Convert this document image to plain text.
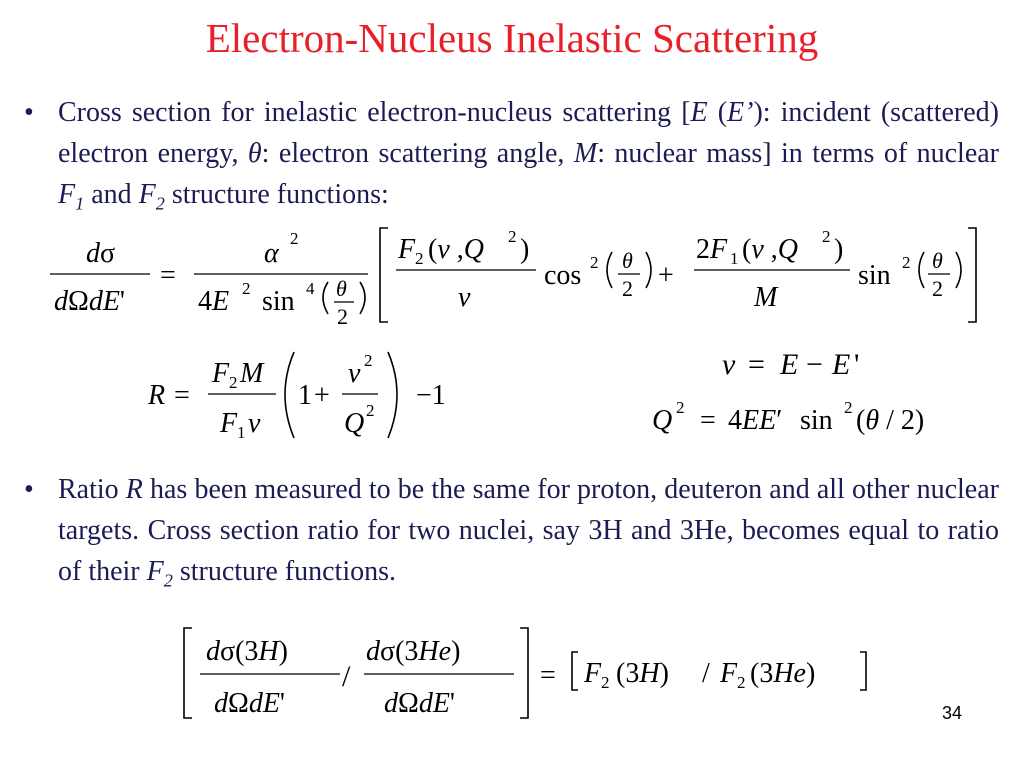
Electron-Nucleus Inelastic Scattering
• Cross section for inelastic electron-nucleus scattering [E (E’): incident (scattered) electron energy, θ: electron scattering angle, M: nuclear mass] in terms of nuclear $F_1$ and $F_2$ structure functions:
dσ
dΩdE'
=
α 2
4E 2 sin 4 θ
2
F 2 (ν ,Q 2 )
ν
cos 2 θ
2 +
2F 1 (ν ,Q 2 )
M
sin 2 θ
2
R =
F 2 M
F 1 ν
1 +
v 2
Q 2 −1
ν = E − E '
Q 2 = 4EE′ sin 2 (θ / 2)
• Ratio R has been measured to be the same for proton, deuteron and all other nuclear targets. Cross section ratio for two nuclei, say 3H and 3He, becomes equal to ratio of their $F_2$ structure functions.
dσ(3H)
dΩdE'
/
dσ(3He)
dΩdE'
= F 2 (3H) / F 2 (3He)
34
